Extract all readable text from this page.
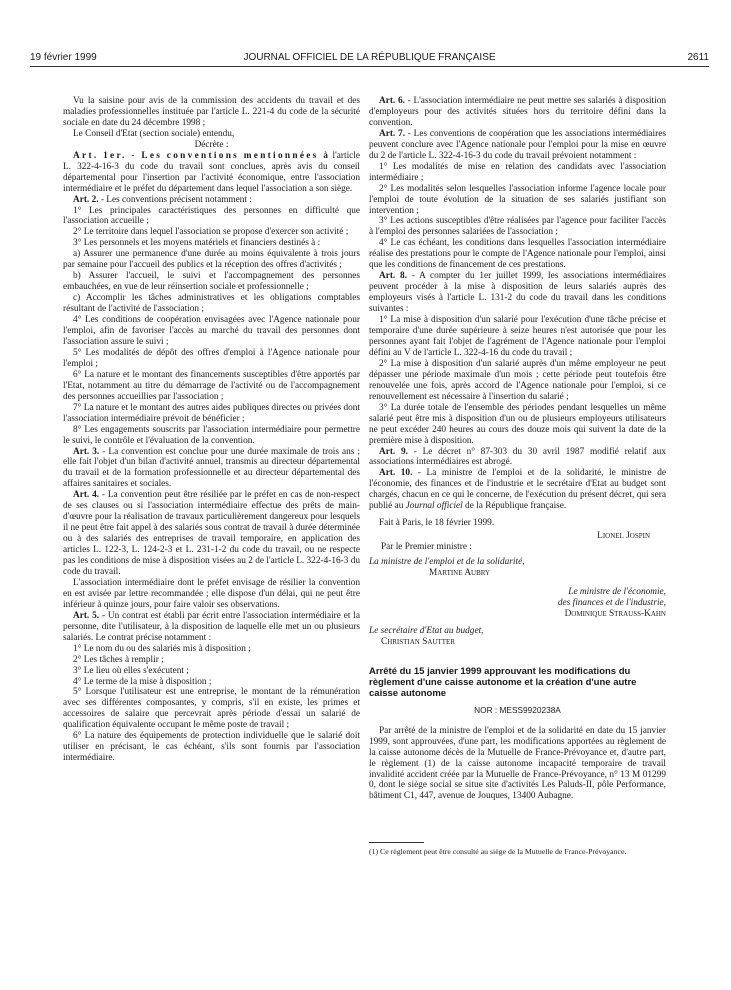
19 février 1999	JOURNAL OFFICIEL DE LA RÉPUBLIQUE FRANÇAISE	2611

Vu la saisine pour avis de la commission des accidents du travail et des maladies professionnelles instituée par l'article L. 221-4 du code de la sécurité sociale en date du 24 décembre 1998 ;

Le Conseil d'Etat (section sociale) entendu,

Décrète :

Art. 1er. - Les conventions mentionnées à l'article L. 322-4-16-3 du code du travail sont conclues, après avis du conseil départemental pour l'insertion par l'activité économique, entre l'association intermédiaire et le préfet du département dans lequel l'association a son siège.

Art. 2. - Les conventions précisent notamment :

1° Les principales caractéristiques des personnes en difficulté que l'association accueille ;

2° Le territoire dans lequel l'association se propose d'exercer son activité ;

3° Les personnels et les moyens matériels et financiers destinés à :

a) Assurer une permanence d'une durée au moins équivalente à trois jours par semaine pour l'accueil des publics et la réception des offres d'activités ;

b) Assurer l'accueil, le suivi et l'accompagnement des personnes embauchées, en vue de leur réinsertion sociale et professionnelle ;

c) Accomplir les tâches administratives et les obligations comptables résultant de l'activité de l'association ;

4° Les conditions de coopération envisagées avec l'Agence nationale pour l'emploi, afin de favoriser l'accès au marché du travail des personnes dont l'association assure le suivi ;

5° Les modalités de dépôt des offres d'emploi à l'Agence nationale pour l'emploi ;

6° La nature et le montant des financements susceptibles d'être apportés par l'Etat, notamment au titre du démarrage de l'activité ou de l'accompagnement des personnes accueillies par l'association ;

7° La nature et le montant des autres aides publiques directes ou privées dont l'association intermédiaire prévoit de bénéficier ;

8° Les engagements souscrits par l'association intermédiaire pour permettre le suivi, le contrôle et l'évaluation de la convention.

Art. 3. - La convention est conclue pour une durée maximale de trois ans ; elle fait l'objet d'un bilan d'activité annuel, transmis au directeur départemental du travail et de la formation professionnelle et au directeur départemental des affaires sanitaires et sociales.

Art. 4. - La convention peut être résiliée par le préfet en cas de non-respect de ses clauses ou si l'association intermédiaire effectue des prêts de main-d'œuvre pour la réalisation de travaux particulièrement dangereux pour lesquels il ne peut être fait appel à des salariés sous contrat de travail à durée déterminée ou à des salariés des entreprises de travail temporaire, en application des articles L. 122-3, L. 124-2-3 et L. 231-1-2 du code du travail, ou ne respecte pas les conditions de mise à disposition visées au 2 de l'article L. 322-4-16-3 du code du travail.

L'association intermédiaire dont le préfet envisage de résilier la convention en est avisée par lettre recommandée ; elle dispose d'un délai, qui ne peut être inférieur à quinze jours, pour faire valoir ses observations.

Art. 5. - Un contrat est établi par écrit entre l'association intermédiaire et la personne, dite l'utilisateur, à la disposition de laquelle elle met un ou plusieurs salariés. Le contrat précise notamment :

1° Le nom du ou des salariés mis à disposition ;

2° Les tâches à remplir ;

3° Le lieu où elles s'exécutent ;

4° Le terme de la mise à disposition ;

5° Lorsque l'utilisateur est une entreprise, le montant de la rémunération avec ses différentes composantes, y compris, s'il en existe, les primes et accessoires de salaire que percevrait après période d'essai un salarié de qualification équivalente occupant le même poste de travail ;

6° La nature des équipements de protection individuelle que le salarié doit utiliser en précisant, le cas échéant, s'ils sont fournis par l'association intermédiaire.

Art. 6. - L'association intermédiaire ne peut mettre ses salariés à disposition d'employeurs pour des activités situées hors du territoire défini dans la convention.

Art. 7. - Les conventions de coopération que les associations intermédiaires peuvent conclure avec l'Agence nationale pour l'emploi pour la mise en œuvre du 2 de l'article L. 322-4-16-3 du code du travail prévoient notamment :

1° Les modalités de mise en relation des candidats avec l'association intermédiaire ;

2° Les modalités selon lesquelles l'association informe l'agence locale pour l'emploi de toute évolution de la situation de ses salariés justifiant son intervention ;

3° Les actions susceptibles d'être réalisées par l'agence pour faciliter l'accès à l'emploi des personnes salariées de l'association ;

4° Le cas échéant, les conditions dans lesquelles l'association intermédiaire réalise des prestations pour le compte de l'Agence nationale pour l'emploi, ainsi que les conditions de financement de ces prestations.

Art. 8. - A compter du 1er juillet 1999, les associations intermédiaires peuvent procéder à la mise à disposition de leurs salariés auprès des employeurs visés à l'article L. 131-2 du code du travail dans les conditions suivantes :

1° La mise à disposition d'un salarié pour l'exécution d'une tâche précise et temporaire d'une durée supérieure à seize heures n'est autorisée que pour les personnes ayant fait l'objet de l'agrément de l'Agence nationale pour l'emploi défini au V de l'article L. 322-4-16 du code du travail ;

2° La mise à disposition d'un salarié auprès d'un même employeur ne peut dépasser une période maximale d'un mois ; cette période peut toutefois être renouvelée une fois, après accord de l'Agence nationale pour l'emploi, si ce renouvellement est nécessaire à l'insertion du salarié ;

3° La durée totale de l'ensemble des périodes pendant lesquelles un même salarié peut être mis à disposition d'un ou de plusieurs employeurs utilisateurs ne peut excéder 240 heures au cours des douze mois qui suivent la date de la première mise à disposition.

Art. 9. - Le décret n° 87-303 du 30 avril 1987 modifié relatif aux associations intermédiaires est abrogé.

Art. 10. - La ministre de l'emploi et de la solidarité, le ministre de l'économie, des finances et de l'industrie et le secrétaire d'Etat au budget sont chargés, chacun en ce qui le concerne, de l'exécution du présent décret, qui sera publié au Journal officiel de la République française.

Fait à Paris, le 18 février 1999.

Lionel Jospin

Par le Premier ministre :

La ministre de l'emploi et de la solidarité,

Martine Aubry

Le ministre de l'économie,

des finances et de l'industrie,

Dominique Strauss-Kahn

Le secrétaire d'Etat au budget,

Christian Sautter

Arrêté du 15 janvier 1999 approuvant les modifications du règlement d'une caisse autonome et la création d'une autre caisse autonome

NOR : MESS9920238A

Par arrêté de la ministre de l'emploi et de la solidarité en date du 15 janvier 1999, sont approuvées, d'une part, les modifications apportées au règlement de la caisse autonome décès de la Mutuelle de France-Prévoyance et, d'autre part, le règlement (1) de la caisse autonome incapacité temporaire de travail invalidité accident créée par la Mutuelle de France-Prévoyance, n° 13 M 01299 0, dont le siège social se situe site d'activités Les Paluds-II, pôle Performance, bâtiment C1, 447, avenue de Jouques, 13400 Aubagne.

(1) Ce règlement peut être consulté au siège de la Mutuelle de France-Prévoyance.
